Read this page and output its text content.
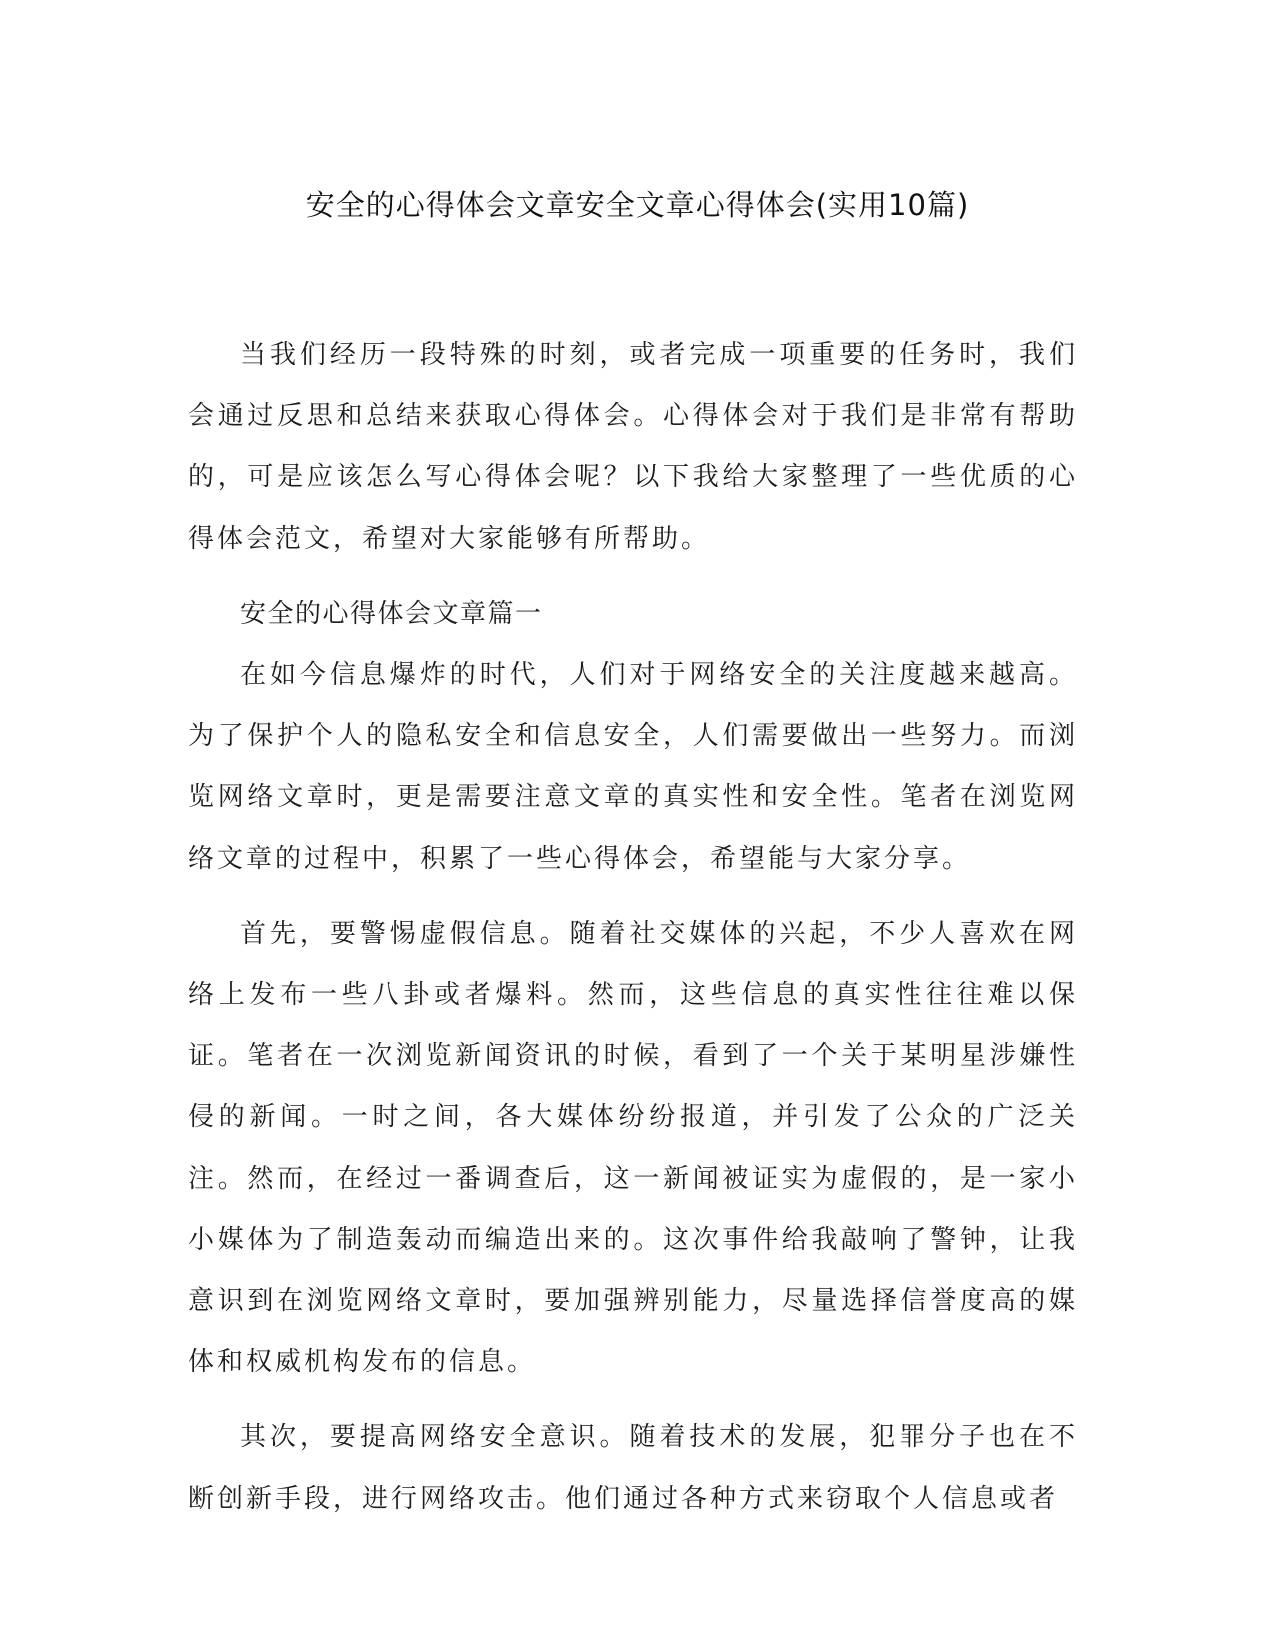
安全的心得体会文章安全文章心得体会(实用10篇)

当我们经历一段特殊的时刻，或者完成一项重要的任务时，我们会通过反思和总结来获取心得体会。心得体会对于我们是非常有帮助的，可是应该怎么写心得体会呢？以下我给大家整理了一些优质的心得体会范文，希望对大家能够有所帮助。

安全的心得体会文章篇一

在如今信息爆炸的时代，人们对于网络安全的关注度越来越高。为了保护个人的隐私安全和信息安全，人们需要做出一些努力。而浏览网络文章时，更是需要注意文章的真实性和安全性。笔者在浏览网络文章的过程中，积累了一些心得体会，希望能与大家分享。

首先，要警惕虚假信息。随着社交媒体的兴起，不少人喜欢在网络上发布一些八卦或者爆料。然而，这些信息的真实性往往难以保证。笔者在一次浏览新闻资讯的时候，看到了一个关于某明星涉嫌性侵的新闻。一时之间，各大媒体纷纷报道，并引发了公众的广泛关注。然而，在经过一番调查后，这一新闻被证实为虚假的，是一家小小媒体为了制造轰动而编造出来的。这次事件给我敲响了警钟，让我意识到在浏览网络文章时，要加强辨别能力，尽量选择信誉度高的媒体和权威机构发布的信息。

其次，要提高网络安全意识。随着技术的发展，犯罪分子也在不断创新手段，进行网络攻击。他们通过各种方式来窃取个人信息或者
